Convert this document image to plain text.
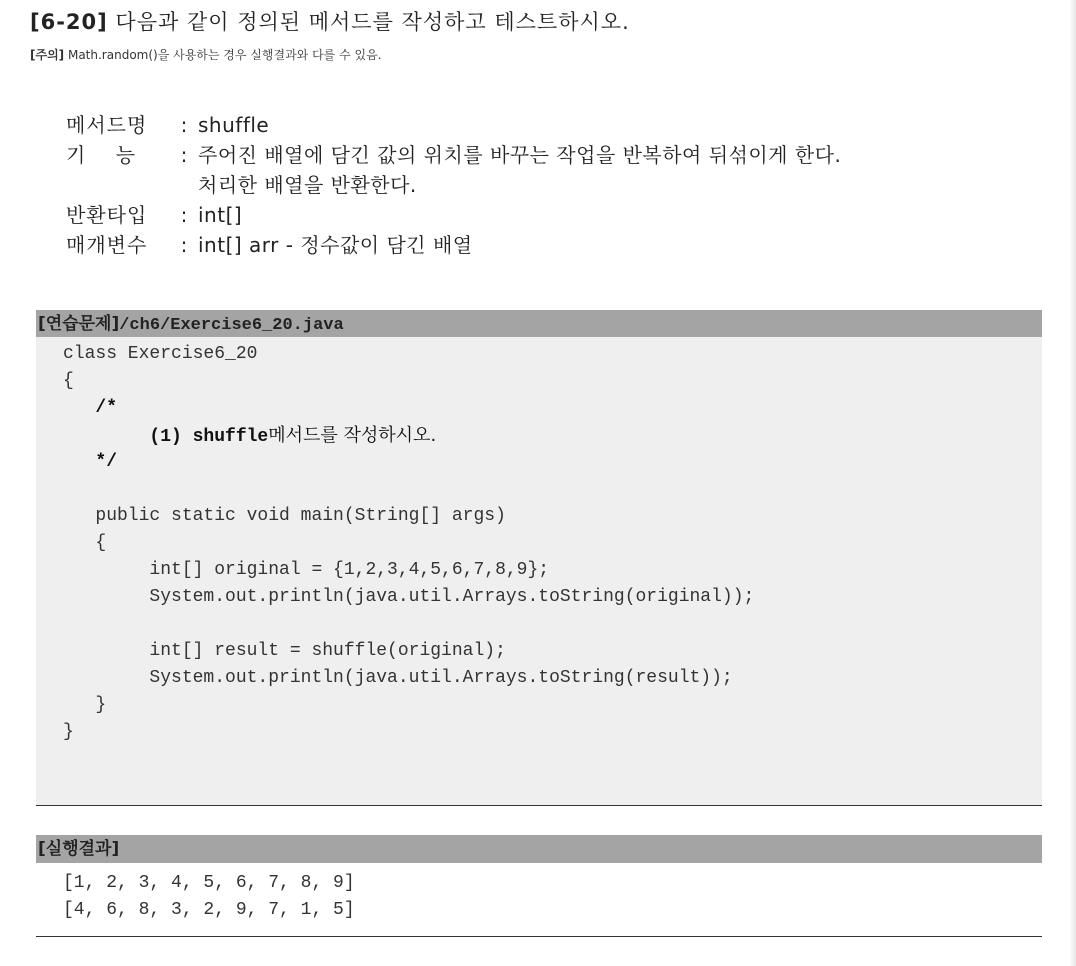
[6-20] 다음과 같이 정의된 메서드를 작성하고 테스트하시오.
[주의] Math.random()을 사용하는 경우 실행결과와 다를 수 있음.
메서드명	: shuffle
기    능	: 주어진 배열에 담긴 값의 위치를 바꾸는 작업을 반복하여 뒤섞이게 한다.
처리한 배열을 반환한다.
반환타입	: int[]
매개변수	: int[] arr - 정수값이 담긴 배열
[연습문제]/ch6/Exercise6_20.java
class Exercise6_20
{
/*
(1) shuffle메서드를 작성하시오.
*/
public static void main(String[] args)
{
int[] original = {1,2,3,4,5,6,7,8,9};
System.out.println(java.util.Arrays.toString(original));
int[] result = shuffle(original);
System.out.println(java.util.Arrays.toString(result));
}
}
[실행결과]
[1, 2, 3, 4, 5, 6, 7, 8, 9]
[4, 6, 8, 3, 2, 9, 7, 1, 5]
